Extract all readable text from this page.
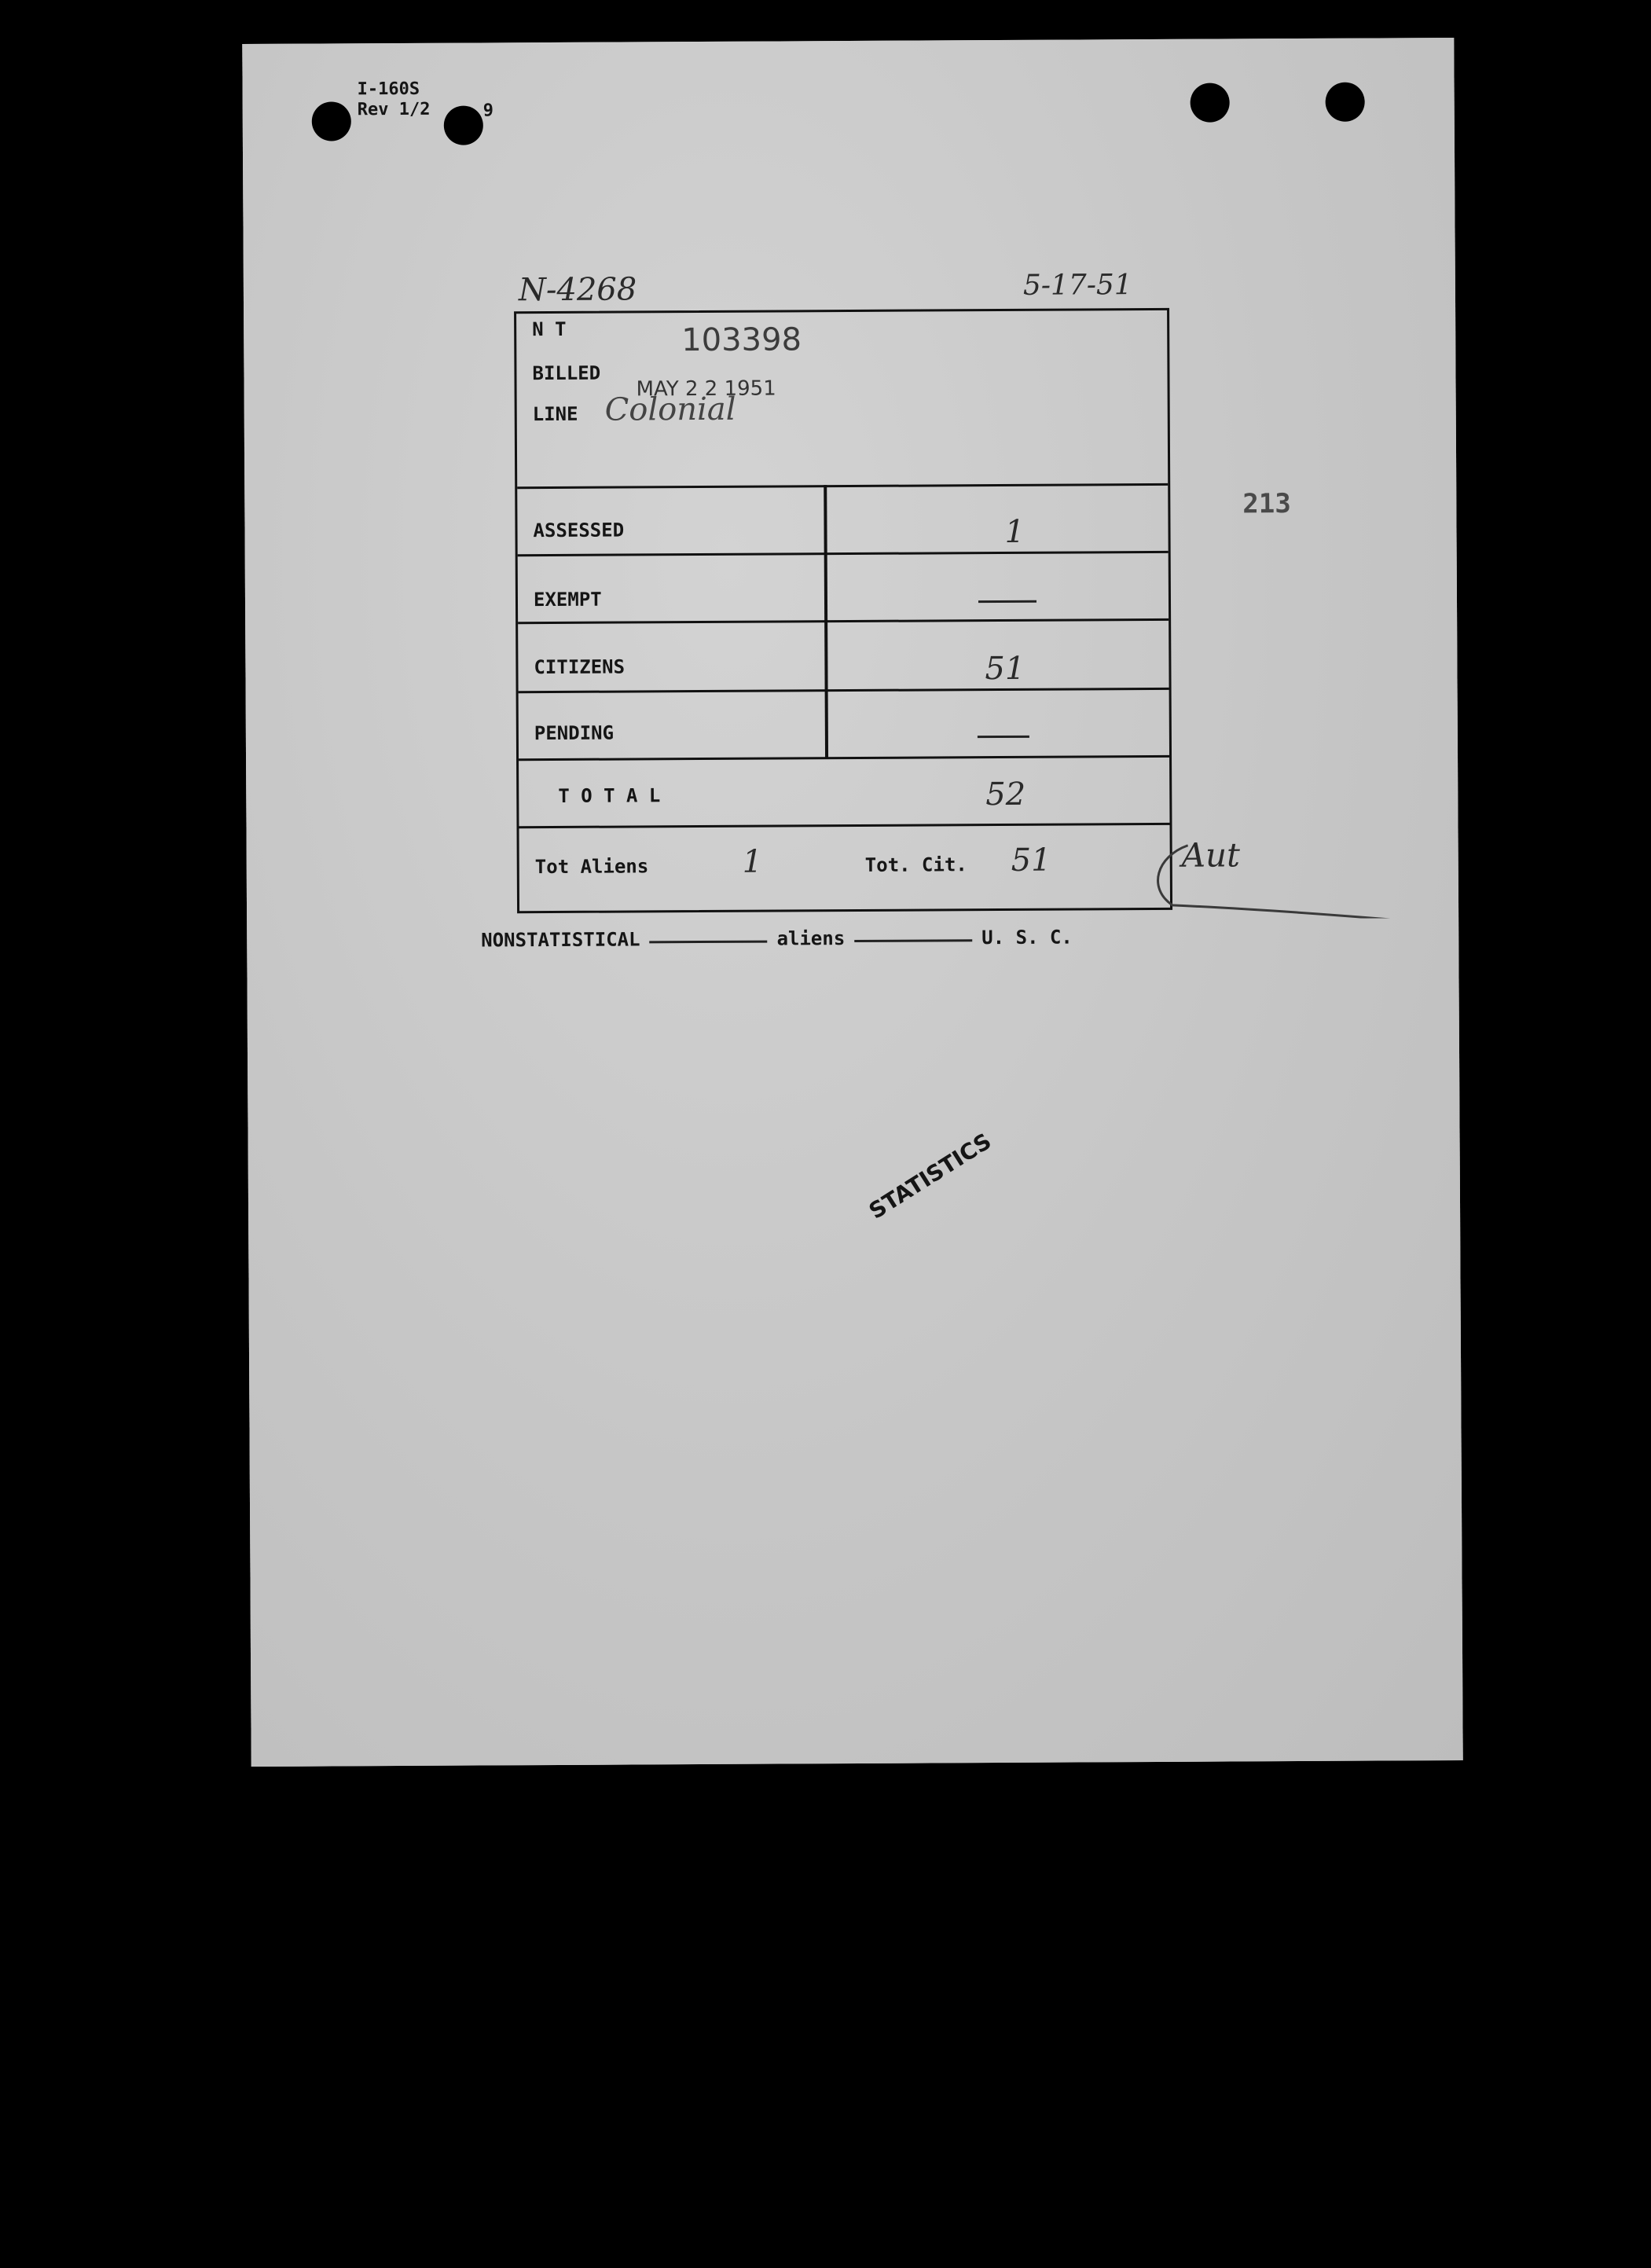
I-160S
Rev 1/2	9
N-4268	5-17-51
213
N T	103398
BILLED
MAY 2 2 1951
LINE Colonial
ASSESSED	1
EXEMPT
CITIZENS	51
PENDING
T O T A L	52
Tot Aliens	1	Tot. Cit. 51	Aut
NONSTATISTICAL	aliens	U. S. C.
STATISTICS
